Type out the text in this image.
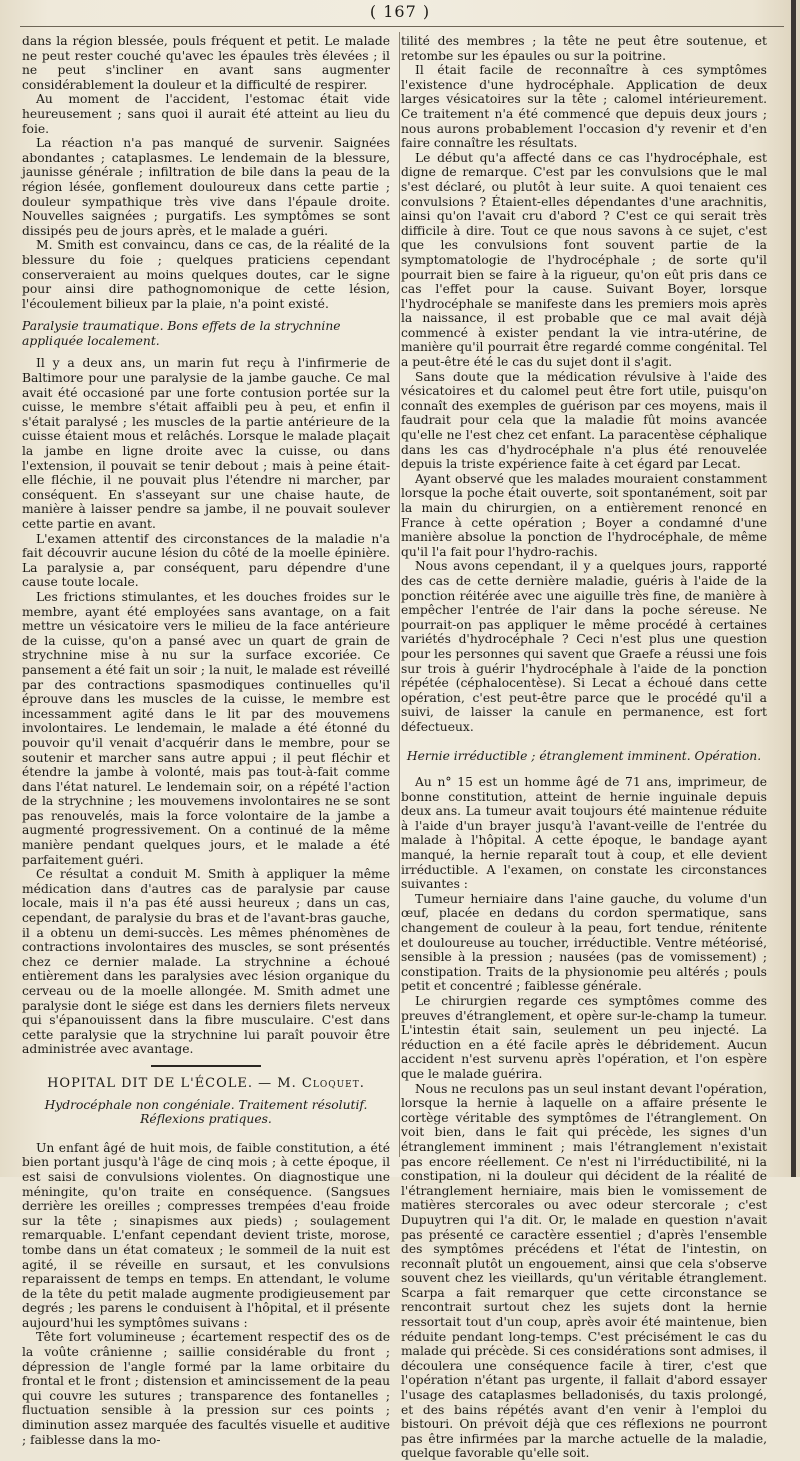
( 167 )

dans la région blessée, pouls fréquent et petit. Le malade ne peut rester couché qu'avec les épaules très élevées ; il ne peut s'incliner en avant sans augmenter considérablement la douleur et la difficulté de respirer.

Au moment de l'accident, l'estomac était vide heureusement ; sans quoi il aurait été atteint au lieu du foie.

La réaction n'a pas manqué de survenir. Saignées abondantes ; cataplasmes. Le lendemain de la blessure, jaunisse générale ; infiltration de bile dans la peau de la région lésée, gonflement douloureux dans cette partie ; douleur sympathique très vive dans l'épaule droite. Nouvelles saignées ; purgatifs. Les symptômes se sont dissipés peu de jours après, et le malade a guéri.

M. Smith est convaincu, dans ce cas, de la réalité de la blessure du foie ; quelques praticiens cependant conserveraient au moins quelques doutes, car le signe pour ainsi dire pathognomonique de cette lésion, l'écoulement bilieux par la plaie, n'a point existé.

Paralysie traumatique. Bons effets de la strychnine appliquée localement.

Il y a deux ans, un marin fut reçu à l'infirmerie de Baltimore pour une paralysie de la jambe gauche. Ce mal avait été occasioné par une forte contusion portée sur la cuisse, le membre s'était affaibli peu à peu, et enfin il s'était paralysé ; les muscles de la partie antérieure de la cuisse étaient mous et relâchés. Lorsque le malade plaçait la jambe en ligne droite avec la cuisse, ou dans l'extension, il pouvait se tenir debout ; mais à peine était-elle fléchie, il ne pouvait plus l'étendre ni marcher, par conséquent. En s'asseyant sur une chaise haute, de manière à laisser pendre sa jambe, il ne pouvait soulever cette partie en avant.

L'examen attentif des circonstances de la maladie n'a fait découvrir aucune lésion du côté de la moelle épinière. La paralysie a, par conséquent, paru dépendre d'une cause toute locale.

Les frictions stimulantes, et les douches froides sur le membre, ayant été employées sans avantage, on a fait mettre un vésicatoire vers le milieu de la face antérieure de la cuisse, qu'on a pansé avec un quart de grain de strychnine mise à nu sur la surface excoriée. Ce pansement a été fait un soir ; la nuit, le malade est réveillé par des contractions spasmodiques continuelles qu'il éprouve dans les muscles de la cuisse, le membre est incessamment agité dans le lit par des mouvemens involontaires. Le lendemain, le malade a été étonné du pouvoir qu'il venait d'acquérir dans le membre, pour se soutenir et marcher sans autre appui ; il peut fléchir et étendre la jambe à volonté, mais pas tout-à-fait comme dans l'état naturel. Le lendemain soir, on a répété l'action de la strychnine ; les mouvemens involontaires ne se sont pas renouvelés, mais la force volontaire de la jambe a augmenté progressivement. On a continué de la même manière pendant quelques jours, et le malade a été parfaitement guéri.

Ce résultat a conduit M. Smith à appliquer la même médication dans d'autres cas de paralysie par cause locale, mais il n'a pas été aussi heureux ; dans un cas, cependant, de paralysie du bras et de l'avant-bras gauche, il a obtenu un demi-succès. Les mêmes phénomènes de contractions involontaires des muscles, se sont présentés chez ce dernier malade. La strychnine a échoué entièrement dans les paralysies avec lésion organique du cerveau ou de la moelle allongée. M. Smith admet une paralysie dont le siége est dans les derniers filets nerveux qui s'épanouissent dans la fibre musculaire. C'est dans cette paralysie que la strychnine lui paraît pouvoir être administrée avec avantage.

HOPITAL DIT DE L'ÉCOLE. — M. Cloquet.
Hydrocéphale non congéniale. Traitement résolutif. Réflexions pratiques.

Un enfant âgé de huit mois, de faible constitution, a été bien portant jusqu'à l'âge de cinq mois ; à cette époque, il est saisi de convulsions violentes. On diagnostique une méningite, qu'on traite en conséquence. (Sangsues derrière les oreilles ; compresses trempées d'eau froide sur la tête ; sinapismes aux pieds) ; soulagement remarquable. L'enfant cependant devient triste, morose, tombe dans un état comateux ; le sommeil de la nuit est agité, il se réveille en sursaut, et les convulsions reparaissent de temps en temps. En attendant, le volume de la tête du petit malade augmente prodigieusement par degrés ; les parens le conduisent à l'hôpital, et il présente aujourd'hui les symptômes suivans :

Tête fort volumineuse ; écartement respectif des os de la voûte crânienne ; saillie considérable du front ; dépression de l'angle formé par la lame orbitaire du frontal et le front ; distension et amincissement de la peau qui couvre les sutures ; transparence des fontanelles ; fluctuation sensible à la pression sur ces points ; diminution assez marquée des facultés visuelle et auditive ; faiblesse dans la mo-

tilité des membres ; la tête ne peut être soutenue, et retombe sur les épaules ou sur la poitrine.

Il était facile de reconnaître à ces symptômes l'existence d'une hydrocéphale. Application de deux larges vésicatoires sur la tête ; calomel intérieurement. Ce traitement n'a été commencé que depuis deux jours ; nous aurons probablement l'occasion d'y revenir et d'en faire connaître les résultats.

Le début qu'a affecté dans ce cas l'hydrocéphale, est digne de remarque. C'est par les convulsions que le mal s'est déclaré, ou plutôt à leur suite. A quoi tenaient ces convulsions ? Étaient-elles dépendantes d'une arachnitis, ainsi qu'on l'avait cru d'abord ? C'est ce qui serait très difficile à dire. Tout ce que nous savons à ce sujet, c'est que les convulsions font souvent partie de la symptomatologie de l'hydrocéphale ; de sorte qu'il pourrait bien se faire à la rigueur, qu'on eût pris dans ce cas l'effet pour la cause. Suivant Boyer, lorsque l'hydrocéphale se manifeste dans les premiers mois après la naissance, il est probable que ce mal avait déjà commencé à exister pendant la vie intra-utérine, de manière qu'il pourrait être regardé comme congénital. Tel a peut-être été le cas du sujet dont il s'agit.

Sans doute que la médication révulsive à l'aide des vésicatoires et du calomel peut être fort utile, puisqu'on connaît des exemples de guérison par ces moyens, mais il faudrait pour cela que la maladie fût moins avancée qu'elle ne l'est chez cet enfant. La paracentèse céphalique dans les cas d'hydrocéphale n'a plus été renouvelée depuis la triste expérience faite à cet égard par Lecat.

Ayant observé que les malades mouraient constamment lorsque la poche était ouverte, soit spontanément, soit par la main du chirurgien, on a entièrement renoncé en France à cette opération ; Boyer a condamné d'une manière absolue la ponction de l'hydrocéphale, de même qu'il l'a fait pour l'hydro-rachis.

Nous avons cependant, il y a quelques jours, rapporté des cas de cette dernière maladie, guéris à l'aide de la ponction réitérée avec une aiguille très fine, de manière à empêcher l'entrée de l'air dans la poche séreuse. Ne pourrait-on pas appliquer le même procédé à certaines variétés d'hydrocéphale ? Ceci n'est plus une question pour les personnes qui savent que Graefe a réussi une fois sur trois à guérir l'hydrocéphale à l'aide de la ponction répétée (céphalocentèse). Si Lecat a échoué dans cette opération, c'est peut-être parce que le procédé qu'il a suivi, de laisser la canule en permanence, est fort défectueux.

Hernie irréductible ; étranglement imminent. Opération.

Au n° 15 est un homme âgé de 71 ans, imprimeur, de bonne constitution, atteint de hernie inguinale depuis deux ans. La tumeur avait toujours été maintenue réduite à l'aide d'un brayer jusqu'à l'avant-veille de l'entrée du malade à l'hôpital. A cette époque, le bandage ayant manqué, la hernie reparaît tout à coup, et elle devient irréductible. A l'examen, on constate les circonstances suivantes :

Tumeur herniaire dans l'aine gauche, du volume d'un œuf, placée en dedans du cordon spermatique, sans changement de couleur à la peau, fort tendue, rénitente et douloureuse au toucher, irréductible. Ventre météorisé, sensible à la pression ; nausées (pas de vomissement) ; constipation. Traits de la physionomie peu altérés ; pouls petit et concentré ; faiblesse générale.

Le chirurgien regarde ces symptômes comme des preuves d'étranglement, et opère sur-le-champ la tumeur. L'intestin était sain, seulement un peu injecté. La réduction en a été facile après le débridement. Aucun accident n'est survenu après l'opération, et l'on espère que le malade guérira.

Nous ne reculons pas un seul instant devant l'opération, lorsque la hernie à laquelle on a affaire présente le cortège véritable des symptômes de l'étranglement. On voit bien, dans le fait qui précède, les signes d'un étranglement imminent ; mais l'étranglement n'existait pas encore réellement. Ce n'est ni l'irréductibilité, ni la constipation, ni la douleur qui décident de la réalité de l'étranglement herniaire, mais bien le vomissement de matières stercorales ou avec odeur stercorale ; c'est Dupuytren qui l'a dit. Or, le malade en question n'avait pas présenté ce caractère essentiel ; d'après l'ensemble des symptômes précédens et l'état de l'intestin, on reconnaît plutôt un engouement, ainsi que cela s'observe souvent chez les vieillards, qu'un véritable étranglement. Scarpa a fait remarquer que cette circonstance se rencontrait surtout chez les sujets dont la hernie ressortait tout d'un coup, après avoir été maintenue, bien réduite pendant long-temps. C'est précisément le cas du malade qui précède. Si ces considérations sont admises, il découlera une conséquence facile à tirer, c'est que l'opération n'étant pas urgente, il fallait d'abord essayer l'usage des cataplasmes belladonisés, du taxis prolongé, et des bains répétés avant d'en venir à l'emploi du bistouri. On prévoit déjà que ces réflexions ne pourront pas être infirmées par la marche actuelle de la maladie, quelque favorable qu'elle soit.
